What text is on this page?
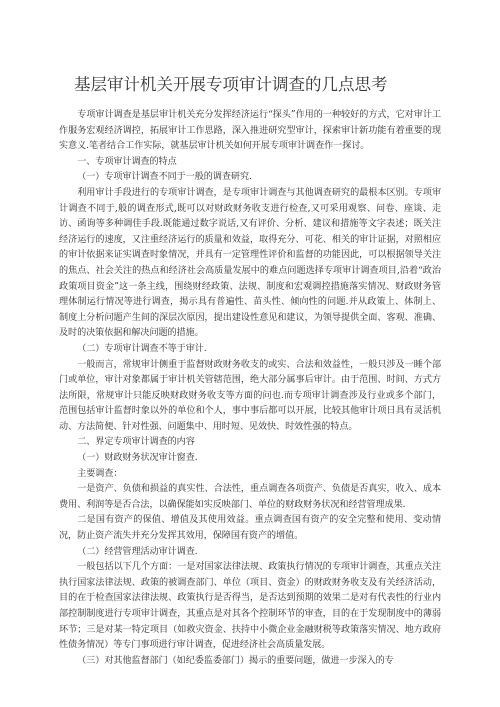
基层审计机关开展专项审计调查的几点思考

专项审计调查是基层审计机关充分发挥经济运行“探头”作用的一种较好的方式，它对审计工作服务宏观经济调控，拓展审计工作思路，深入推进研究型审计，探索审计新功能有着重要的现实意义.笔者结合工作实际，就基层审计机关如何开展专项审计调查作一探讨。

一、专项审计调查的特点

（一）专项审计调查不同于一般的调查研究.

利用审计手段进行的专项审计调查，是专项审计调查与其他调查研究的最根本区别。专项审计调查不同于,般的调查形式,既可以对财政财务收支进行检查,又可采用观察、问卷、座谈、走访、函询等多种调佳手段.既能通过数字说话,又有评价、分析、建议和措施等文字表述；既关注经济运行的速度，又注重经济运行的质量和效益，取得充分、可花、相关的审计证据，对照相应的审计依据来证实调查时象情况，并具有一定管理性评价和监督的功能因此，可以根据领导关注的焦点、社会关注的热点和经济社会高质量发展中的难点问题选择专项审计调查项目,沿着“政治政策项目资金”这一条主线，围绕财经政策、法规、制度和宏观调控措施落实情况、财政财务管理体制运行情况等进行调查，揭示具有普遍性、苗头性、倾向性的问题.并从政策上、体制上、制度上分析问题产生间的深层次原因，提出建设性意见和建议，为领导提供全面、客观、准确、及时的决策依据和解决问题的措施。

（二）专项审计调查不等于审计.

一般而言，常规审计侧重于监督财政财务收支的或实、合法和效益性，一般只涉及一睡个部门或单位，审计对象都属于审计机关管辖范围，绝大部分属事后审计。由于范围、时间、方式方法所限，常规审计只能反映财政财务收支等方面的问也.而专项审计调查涉及行业或多个部门，范围包括审计监督时象以外的单位和个人，事中事后都可以开展，比较其他审计项日具有灵活机动、方法简便、针对性强、问题集中、用时短、见效快、时效性强的特点。

二、界定专项审计调查的内容

（一）财政财务状况审计窗查.

主要调查：

一是资产、负债和损益的真实性、合法性，重点调查各项资产、负债是否真实，收入、成本费用、利润等是否合法，以确保能如实反映部门、单位的财政财务状况和经营管理成果.

二是国有资产的保值、增值及其使用效益。重点调查国有资产的安全完整和使用、变动情况，防止资产流失并充分发挥其效用，保障国有资产的增值。

（二）经营管理活动审计调查.

一般包括以下几个方面：一是对国家法律法规、政策执行情况的专项审计调查，其重点关注执行国家法律法规、政策的被调查部门、单位（项目、资金）的财政财务收支及有关经济活动，目的在于检查国家法律法规、政策执行是否得当，是否达到预期的效果二是对有代表性的行业内部控制制度进行专项审计调查，其重点是对其各个控制环节的审查，目的在于发现制度中的薄弱环节；三是对某一特定项目（如救灾资金、扶持中小微企业金融财税等政策落实情况、地方政府性债务情况）等专门事项进行审计调查，促进经济社会高质量发展。

（三）对其他监督部门（如纪委监委部门）揭示的重要问题，做进一步深入的专
